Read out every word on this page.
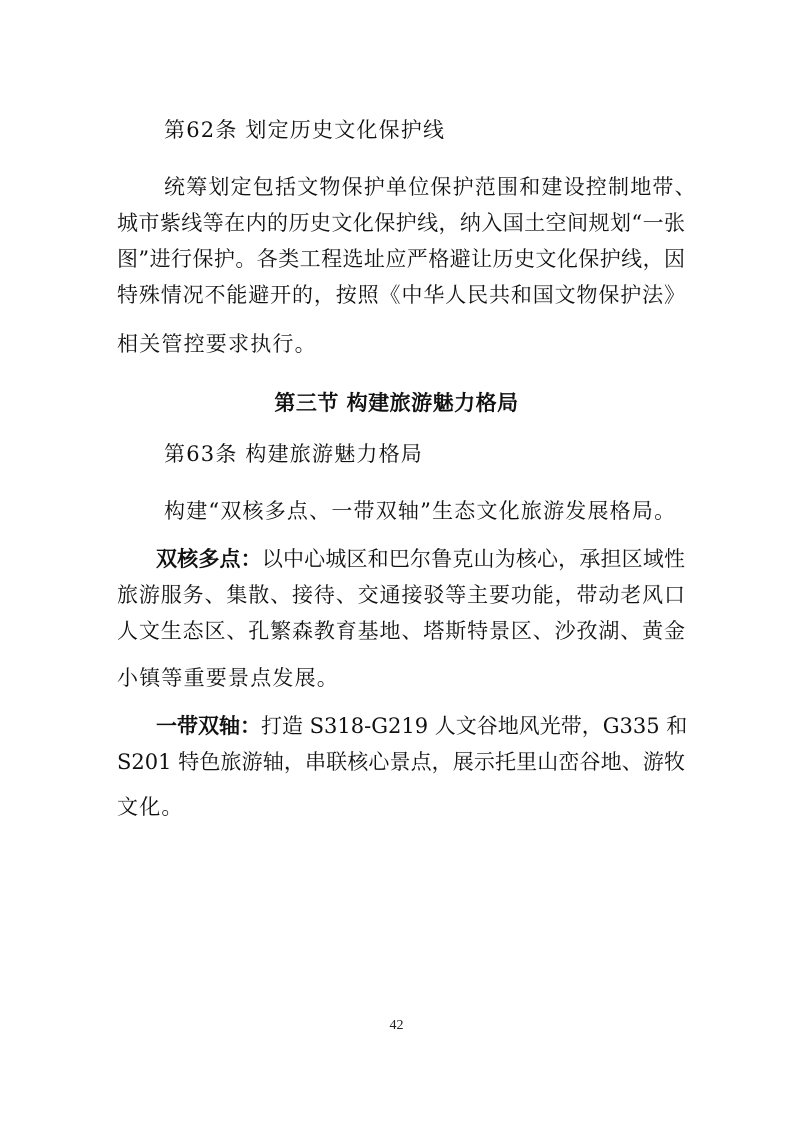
第62条 划定历史文化保护线
统筹划定包括文物保护单位保护范围和建设控制地带、
城市紫线等在内的历史文化保护线，纳入国土空间规划“一张
图”进行保护。各类工程选址应严格避让历史文化保护线，因
特殊情况不能避开的，按照《中华人民共和国文物保护法》
相关管控要求执行。
第三节 构建旅游魅力格局
第63条 构建旅游魅力格局
构建“双核多点、一带双轴”生态文化旅游发展格局。
双核多点：以中心城区和巴尔鲁克山为核心，承担区域性
旅游服务、集散、接待、交通接驳等主要功能，带动老风口
人文生态区、孔繁森教育基地、塔斯特景区、沙孜湖、黄金
小镇等重要景点发展。
一带双轴：打造 S318-G219 人文谷地风光带，G335 和
S201 特色旅游轴，串联核心景点，展示托里山峦谷地、游牧
文化。
42
